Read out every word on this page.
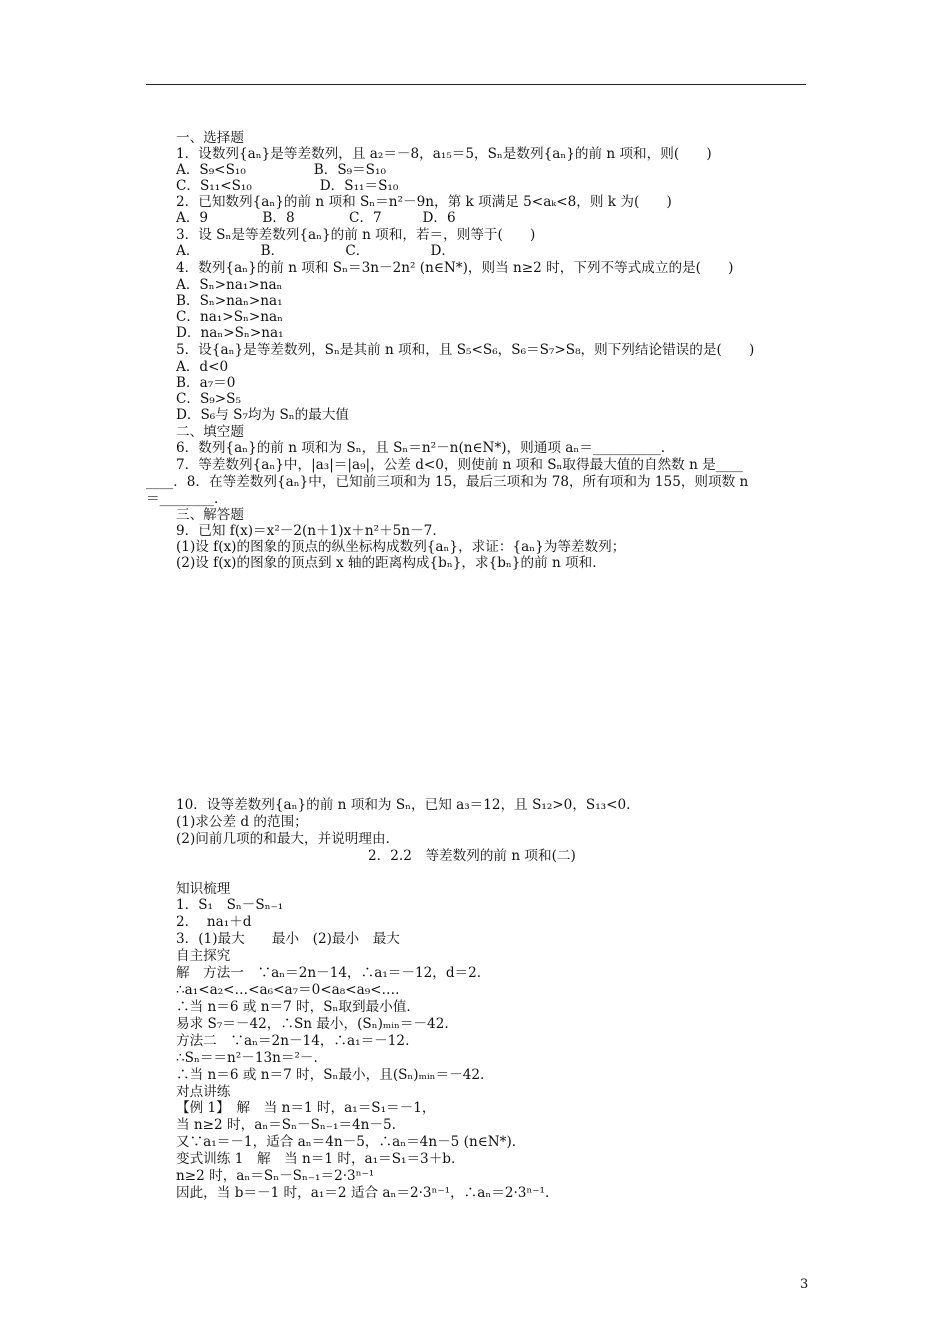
一、选择题
1．设数列{aₙ}是等差数列，且 a₂＝－8，a₁₅＝5，Sₙ是数列{aₙ}的前 n 项和，则(　　)
A．S₉<S₁₀　　　　　B．S₉＝S₁₀
C．S₁₁<S₁₀　　　　　D．S₁₁＝S₁₀
2．已知数列{aₙ}的前 n 项和 Sₙ＝n²－9n，第 k 项满足 5<aₖ<8，则 k 为(　　)
A．9　　　　B．8　　　　C．7　　　D．6
3．设 Sₙ是等差数列{aₙ}的前 n 项和，若＝，则等于(　　)
A．　　　　　B．　　　　　C．　　　　　D．
4．数列{aₙ}的前 n 项和 Sₙ＝3n－2n² (n∈N*)，则当 n≥2 时，下列不等式成立的是(　　)
A．Sₙ>na₁>naₙ
B．Sₙ>naₙ>na₁
C．na₁>Sₙ>naₙ
D．naₙ>Sₙ>na₁
5．设{aₙ}是等差数列，Sₙ是其前 n 项和，且 S₅<S₆，S₆＝S₇>S₈，则下列结论错误的是(　　)
A．d<0
B．a₇＝0
C．S₉>S₅
D．S₆与 S₇均为 Sₙ的最大值
二、填空题
6．数列{aₙ}的前 n 项和为 Sₙ，且 Sₙ＝n²－n(n∈N*)，则通项 aₙ＝__________.
7．等差数列{aₙ}中，|a₃|＝|a₉|，公差 d<0，则使前 n 项和 Sₙ取得最大值的自然数 n 是____
____．8．在等差数列{aₙ}中，已知前三项和为 15，最后三项和为 78，所有项和为 155，则项数 n
＝________．
三、解答题
9．已知 f(x)＝x²－2(n＋1)x＋n²＋5n－7.
(1)设 f(x)的图象的顶点的纵坐标构成数列{aₙ}，求证：{aₙ}为等差数列；
(2)设 f(x)的图象的顶点到 x 轴的距离构成{bₙ}，求{bₙ}的前 n 项和.
10．设等差数列{aₙ}的前 n 项和为 Sₙ，已知 a₃＝12，且 S₁₂>0，S₁₃<0.
(1)求公差 d 的范围；
(2)问前几项的和最大，并说明理由.
2．2.2　等差数列的前 n 项和(二)
知识梳理
1．S₁　Sₙ－Sₙ₋₁
2．  na₁＋d
3．(1)最大　　最小　(2)最小　最大
自主探究
解　方法一　∵aₙ＝2n－14，∴a₁＝－12，d＝2.
∴a₁<a₂<…<a₆<a₇＝0<a₈<a₉<….
∴当 n＝6 或 n＝7 时，Sₙ取到最小值.
易求 S₇＝－42，∴Sn 最小，(Sₙ)ₘᵢₙ＝－42.
方法二　∵aₙ＝2n－14，∴a₁＝－12.
∴Sₙ＝＝n²－13n＝²－.
∴当 n＝6 或 n＝7 时，Sₙ最小，且(Sₙ)ₘᵢₙ＝－42.
对点讲练
【例 1】　解　当 n＝1 时，a₁＝S₁＝－1，
当 n≥2 时，aₙ＝Sₙ－Sₙ₋₁＝4n－5.
又∵a₁＝－1，适合 aₙ＝4n－5，∴aₙ＝4n－5 (n∈N*).
变式训练 1　解　当 n＝1 时，a₁＝S₁＝3＋b.
n≥2 时，aₙ＝Sₙ－Sₙ₋₁＝2·3ⁿ⁻¹
因此，当 b＝－1 时，a₁＝2 适合 aₙ＝2·3ⁿ⁻¹，∴aₙ＝2·3ⁿ⁻¹.
3
